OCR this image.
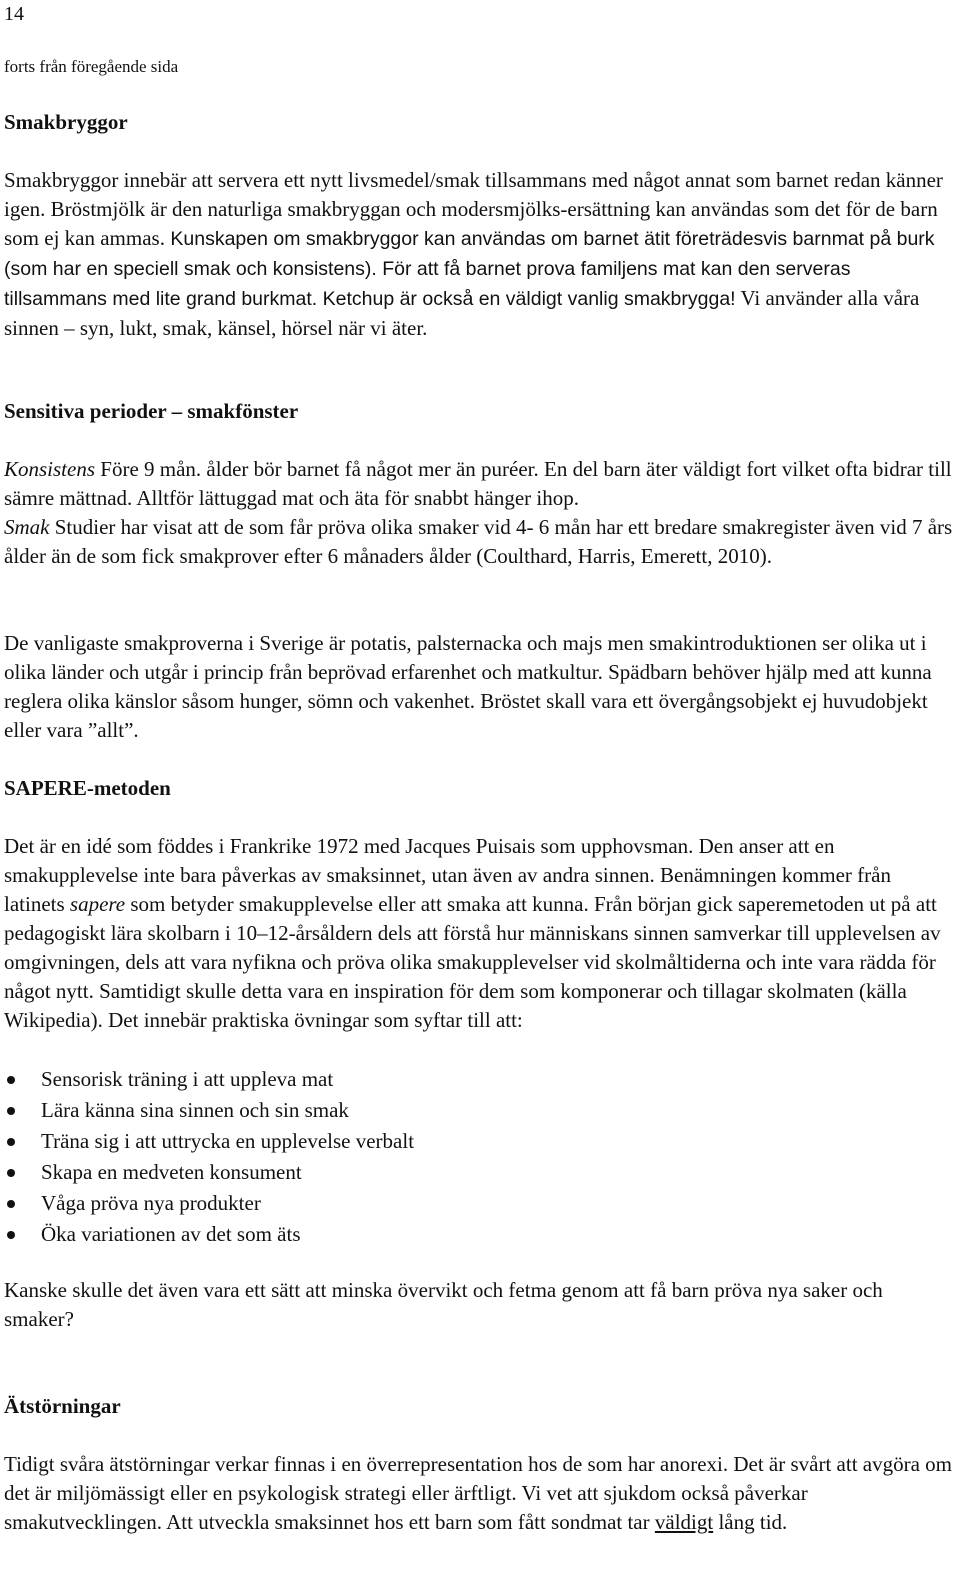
14
forts från föregående sida
Smakbryggor
Smakbryggor innebär att servera ett nytt livsmedel/smak tillsammans med något annat som barnet redan känner igen. Bröstmjölk är den naturliga smakbryggan och modersmjölks-ersättning kan användas som det för de barn som ej kan ammas. Kunskapen om smakbryggor kan användas om barnet ätit företrädesvis barnmat på burk (som har en speciell smak och konsistens). För att få barnet prova familjens mat kan den serveras tillsammans med lite grand burkmat. Ketchup är också en väldigt vanlig smakbrygga! Vi använder alla våra sinnen – syn, lukt, smak, känsel, hörsel när vi äter.
Sensitiva perioder – smakfönster
Konsistens Före 9 mån. ålder bör barnet få något mer än puréer. En del barn äter väldigt fort vilket ofta bidrar till sämre mättnad. Alltför lättuggad mat och äta för snabbt hänger ihop.
Smak Studier har visat att de som får pröva olika smaker vid 4- 6 mån har ett bredare smakregister även vid 7 års ålder än de som fick smakprover efter 6 månaders ålder (Coulthard, Harris, Emerett, 2010).
De vanligaste smakproverna i Sverige är potatis, palsternacka och majs men smakintroduktionen ser olika ut i olika länder och utgår i princip från beprövad erfarenhet och matkultur. Spädbarn behöver hjälp med att kunna reglera olika känslor såsom hunger, sömn och vakenhet. Bröstet skall vara ett övergångsobjekt ej huvudobjekt eller vara ”allt”.
SAPERE-metoden
Det är en idé som föddes i Frankrike 1972 med Jacques Puisais som upphovsman. Den anser att en smakupplevelse inte bara påverkas av smaksinnet, utan även av andra sinnen. Benämningen kommer från latinets sapere som betyder smakupplevelse eller att smaka att kunna. Från början gick saperemetoden ut på att pedagogiskt lära skolbarn i 10–12-årsåldern dels att förstå hur människans sinnen samverkar till upplevelsen av omgivningen, dels att vara nyfikna och pröva olika smakupplevelser vid skolmåltiderna och inte vara rädda för något nytt. Samtidigt skulle detta vara en inspiration för dem som komponerar och tillagar skolmaten (källa Wikipedia). Det innebär praktiska övningar som syftar till att:
Sensorisk träning i att uppleva mat
Lära känna sina sinnen och sin smak
Träna sig i att uttrycka en upplevelse verbalt
Skapa en medveten konsument
Våga pröva nya produkter
Öka variationen av det som äts
Kanske skulle det även vara ett sätt att minska övervikt och fetma genom att få barn pröva nya saker och smaker?
Ätstörningar
Tidigt svåra ätstörningar verkar finnas i en överrepresentation hos de som har anorexi. Det är svårt att avgöra om det är miljömässigt eller en psykologisk strategi eller ärftligt. Vi vet att sjukdom också påverkar smakutvecklingen. Att utveckla smaksinnet hos ett barn som fått sondmat tar väldigt lång tid.
